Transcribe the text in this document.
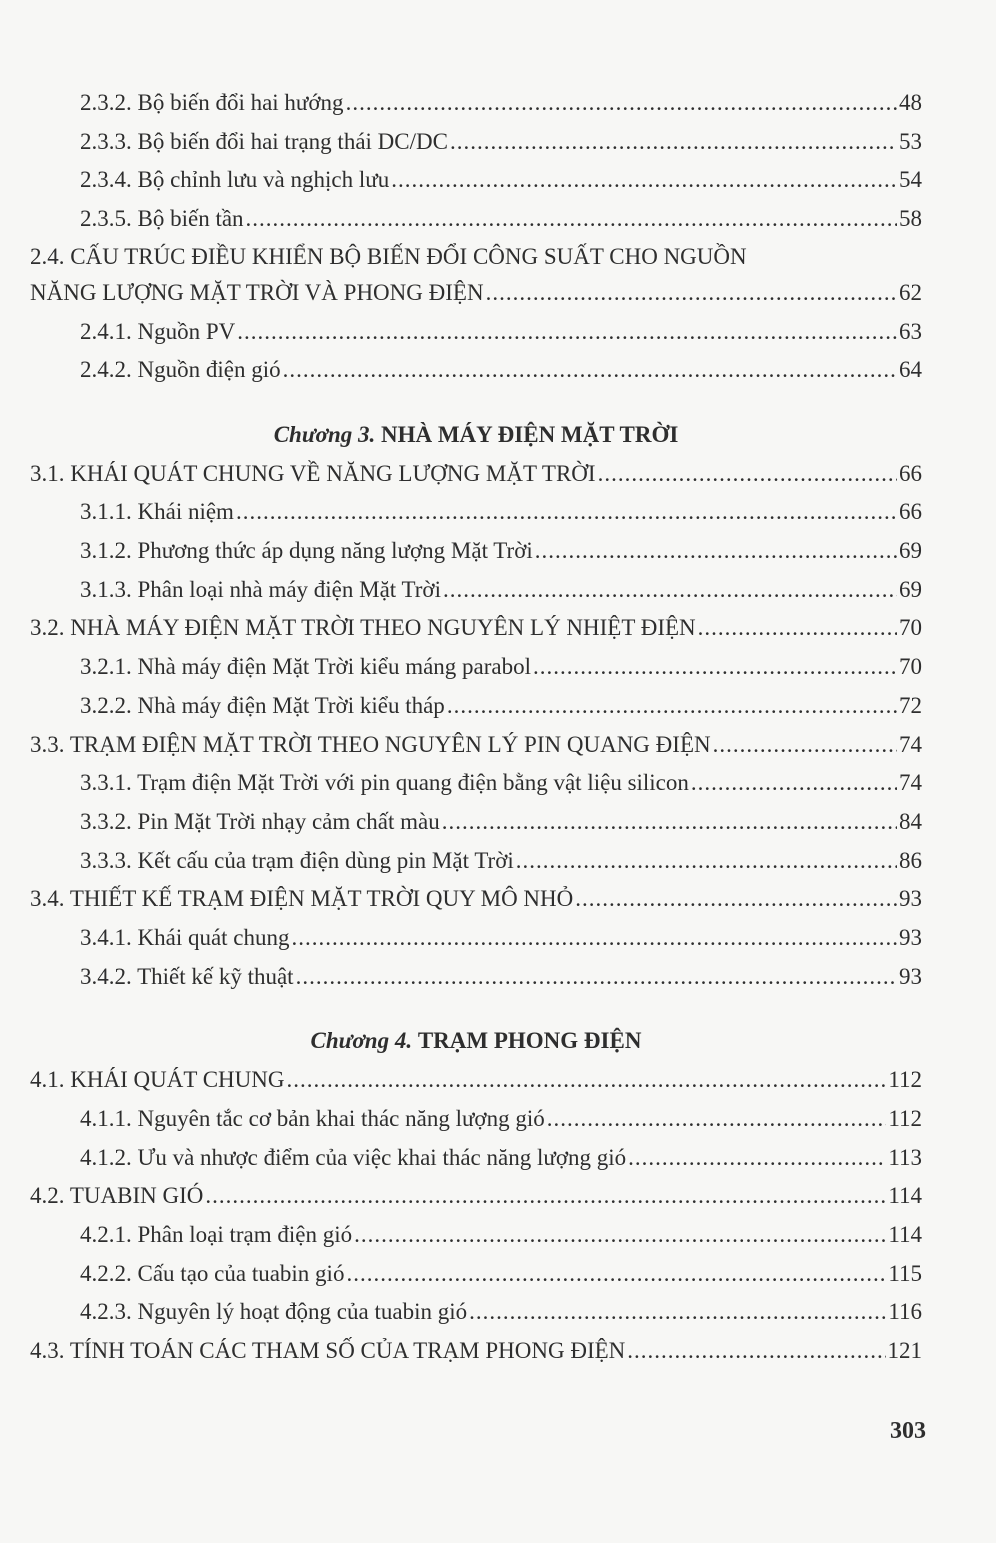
2.3.2. Bộ biến đổi hai hướng .....	48
2.3.3. Bộ biến đổi hai trạng thái DC/DC .....	53
2.3.4. Bộ chỉnh lưu và nghịch lưu .....	54
2.3.5. Bộ biến tần .....	58
2.4. CẤU TRÚC ĐIỀU KHIỂN BỘ BIẾN ĐỔI CÔNG SUẤT CHO NGUỒN
NĂNG LƯỢNG MẶT TRỜI VÀ PHONG ĐIỆN .....	62
2.4.1. Nguồn PV .....	63
2.4.2. Nguồn điện gió .....	64
Chương 3. NHÀ MÁY ĐIỆN MẶT TRỜI
3.1. KHÁI QUÁT CHUNG VỀ NĂNG LƯỢNG MẶT TRỜI .....	66
3.1.1. Khái niệm .....	66
3.1.2. Phương thức áp dụng năng lượng Mặt Trời .....	69
3.1.3. Phân loại nhà máy điện Mặt Trời .....	69
3.2. NHÀ MÁY ĐIỆN MẶT TRỜI THEO NGUYÊN LÝ NHIỆT ĐIỆN .....	70
3.2.1. Nhà máy điện Mặt Trời kiểu máng parabol .....	70
3.2.2. Nhà máy điện Mặt Trời kiểu tháp .....	72
3.3. TRẠM ĐIỆN MẶT TRỜI THEO NGUYÊN LÝ PIN QUANG ĐIỆN .....	74
3.3.1. Trạm điện Mặt Trời với pin quang điện bằng vật liệu silicon .....	74
3.3.2. Pin Mặt Trời nhạy cảm chất màu .....	84
3.3.3. Kết cấu của trạm điện dùng pin Mặt Trời .....	86
3.4. THIẾT KẾ TRẠM ĐIỆN MẶT TRỜI QUY MÔ NHỎ .....	93
3.4.1. Khái quát chung .....	93
3.4.2. Thiết kế kỹ thuật .....	93
Chương 4. TRẠM PHONG ĐIỆN
4.1. KHÁI QUÁT CHUNG .....	112
4.1.1. Nguyên tắc cơ bản khai thác năng lượng gió .....	112
4.1.2. Ưu và nhược điểm của việc khai thác năng lượng gió .....	113
4.2. TUABIN GIÓ .....	114
4.2.1. Phân loại trạm điện gió .....	114
4.2.2. Cấu tạo của tuabin gió .....	115
4.2.3. Nguyên lý hoạt động của tuabin gió .....	116
4.3. TÍNH TOÁN CÁC THAM SỐ CỦA TRẠM PHONG ĐIỆN .....	121
303
